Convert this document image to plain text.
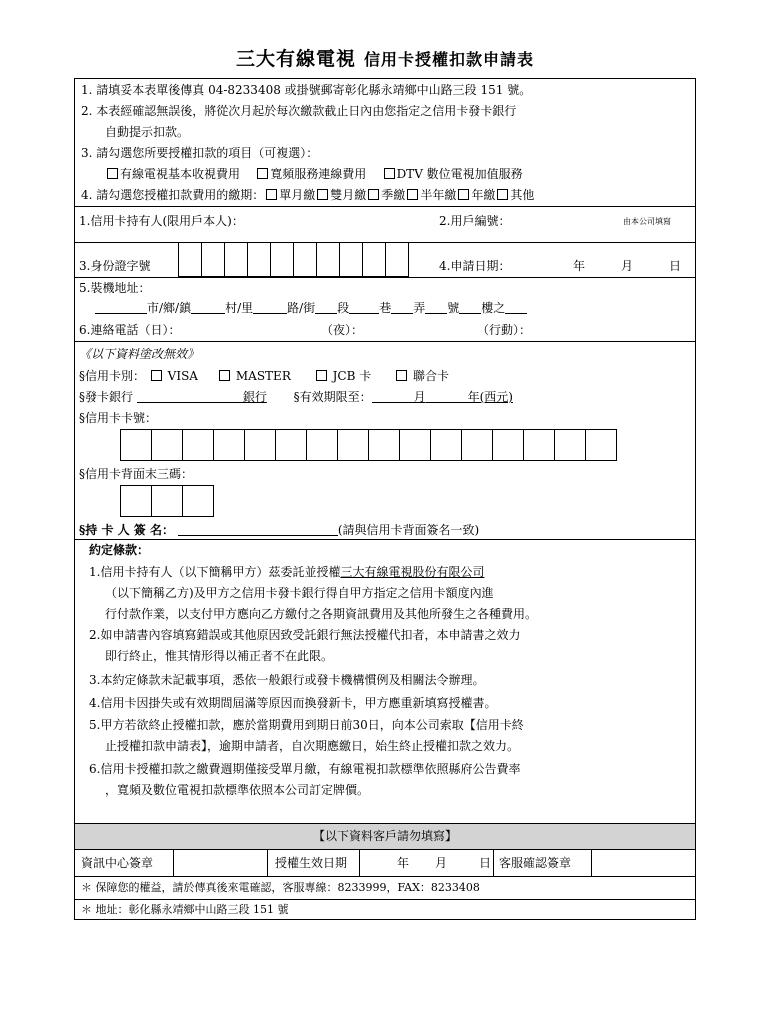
三大有線電視 信用卡授權扣款申請表
1. 請填妥本表單後傳真 04-8233408 或掛號郵寄彰化縣永靖鄉中山路三段 151 號。
2. 本表經確認無誤後，將從次月起於每次繳款截止日內由您指定之信用卡發卡銀行
自動提示扣款。
3. 請勾選您所要授權扣款的項目（可複選）：
有線電視基本收視費用	寬頻服務連線費用	DTV 數位電視加值服務
4. 請勾選您授權扣款費用的繳期： 單月繳 雙月繳 季繳 半年繳 年繳 其他
1.信用卡持有人(限用戶本人)：	2.用戶編號：	由本公司填寫
3.身份證字號	4.申請日期：	年	月	日
5.裝機地址：
市/鄉/鎮	村/里	路/街 段	巷 弄 號 樓之
6.連絡電話（日）：	（夜）：	（行動）：
《以下資料塗改無效》
§信用卡別： VISA	MASTER	JCB 卡	聯合卡
§發卡銀行	銀行 §有效期限至：	月	年(西元)
§信用卡卡號：
§信用卡背面末三碼：
§持 卡 人 簽 名：	(請與信用卡背面簽名一致)
約定條款：
1.信用卡持有人（以下簡稱甲方）茲委託並授權三大有線電視股份有限公司
（以下簡稱乙方)及甲方之信用卡發卡銀行得自甲方指定之信用卡額度內進
行付款作業，以支付甲方應向乙方繳付之各期資訊費用及其他所發生之各種費用。
2.如申請書內容填寫錯誤或其他原因致受託銀行無法授權代扣者，本申請書之效力
即行終止，惟其情形得以補正者不在此限。
3.本約定條款未記載事項，悉依一般銀行或發卡機構慣例及相關法令辦理。
4.信用卡因掛失或有效期間屆滿等原因而換發新卡，甲方應重新填寫授權書。
5.甲方若欲終止授權扣款，應於當期費用到期日前30日，向本公司索取【信用卡終
止授權扣款申請表】，逾期申請者，自次期應繳日，始生終止授權扣款之效力。
6.信用卡授權扣款之繳費週期僅接受單月繳，有線電視扣款標準依照縣府公告費率
，寬頻及數位電視扣款標準依照本公司訂定牌價。
【以下資料客戶請勿填寫】
資訊中心簽章	授權生效日期	年 月	日 客服確認簽章
＊ 保障您的權益，請於傳真後來電確認，客服專線：8233999，FAX：8233408
＊ 地址：彰化縣永靖鄉中山路三段 151 號
